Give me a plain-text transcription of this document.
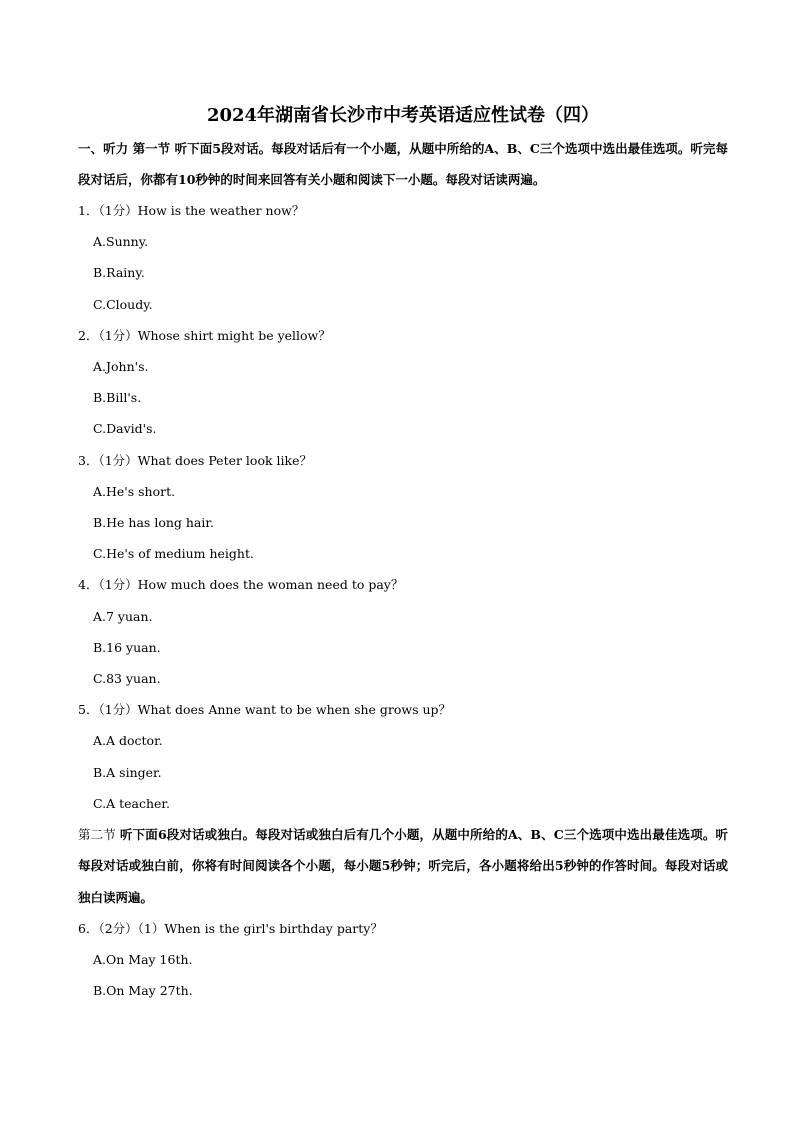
2024年湖南省长沙市中考英语适应性试卷（四）

一、听力 第一节 听下面5段对话。每段对话后有一个小题，从题中所给的A、B、C三个选项中选出最佳选项。听完每段对话后，你都有10秒钟的时间来回答有关小题和阅读下一小题。每段对话读两遍。

1．（1分）How is the weather now？

A.Sunny.

B.Rainy.

C.Cloudy.

2．（1分）Whose shirt might be yellow？

A.John's.

B.Bill's.

C.David's.

3．（1分）What does Peter look like？

A.He's short.

B.He has long hair.

C.He's of medium height.

4．（1分）How much does the woman need to pay？

A.7 yuan.

B.16 yuan.

C.83 yuan.

5．（1分）What does Anne want to be when she grows up？

A.A doctor.

B.A singer.

C.A teacher.

第二节 听下面6段对话或独白。每段对话或独白后有几个小题，从题中所给的A、B、C三个选项中选出最佳选项。听每段对话或独白前，你将有时间阅读各个小题，每小题5秒钟；听完后，各小题将给出5秒钟的作答时间。每段对话或独白读两遍。

6．（2分）（1）When is the girl's birthday party？

A.On May 16th.

B.On May 27th.
